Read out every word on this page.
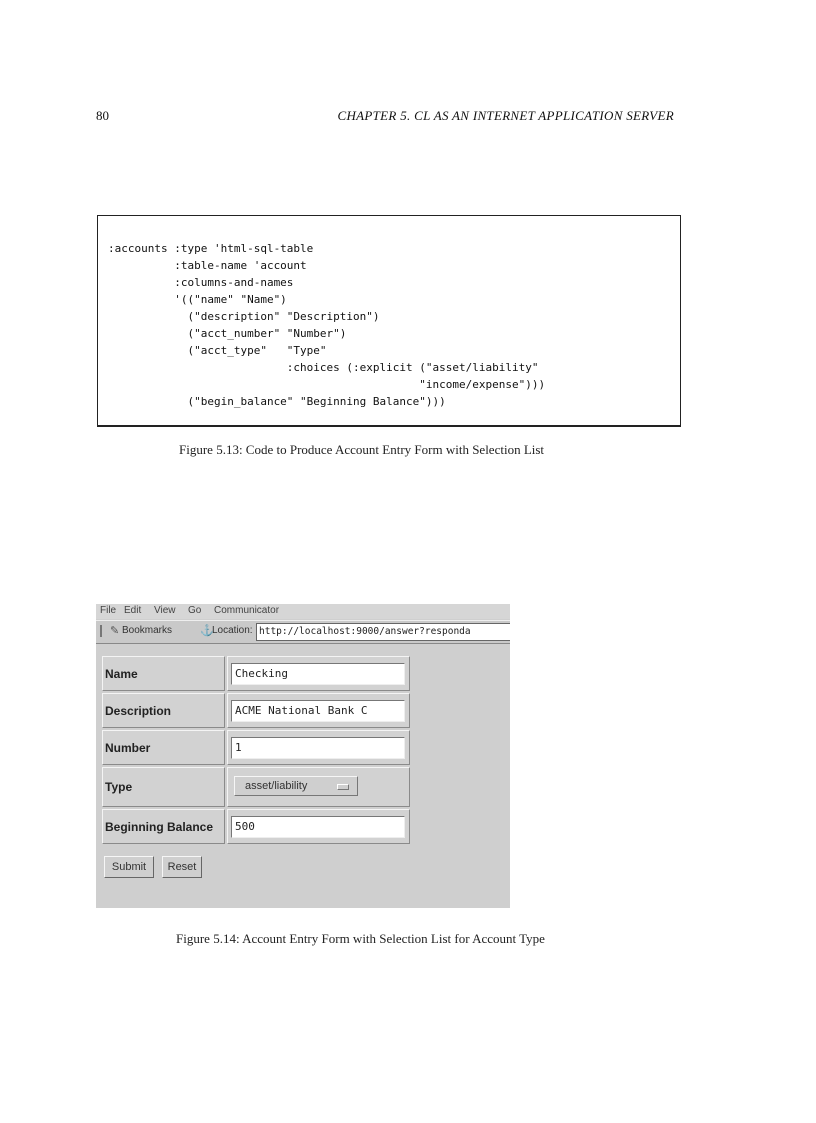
80	CHAPTER 5. CL AS AN INTERNET APPLICATION SERVER
:accounts :type 'html-sql-table
:table-name 'account
:columns-and-names
'(("name" "Name")
("description" "Description")
("acct_number" "Number")
("acct_type"   "Type"
:choices (:explicit ("asset/liability"
"income/expense")))
("begin_balance" "Beginning Balance")))
Figure 5.13: Code to Produce Account Entry Form with Selection List
File Edit View Go Communicator
✎ Bookmarks	⚓
Location: http://localhost:9000/answer?responda
Name	Checking
Description	ACME National Bank C
Number	1
Type	asset/liability
Beginning Balance	500
Submit	Reset
Figure 5.14: Account Entry Form with Selection List for Account Type
